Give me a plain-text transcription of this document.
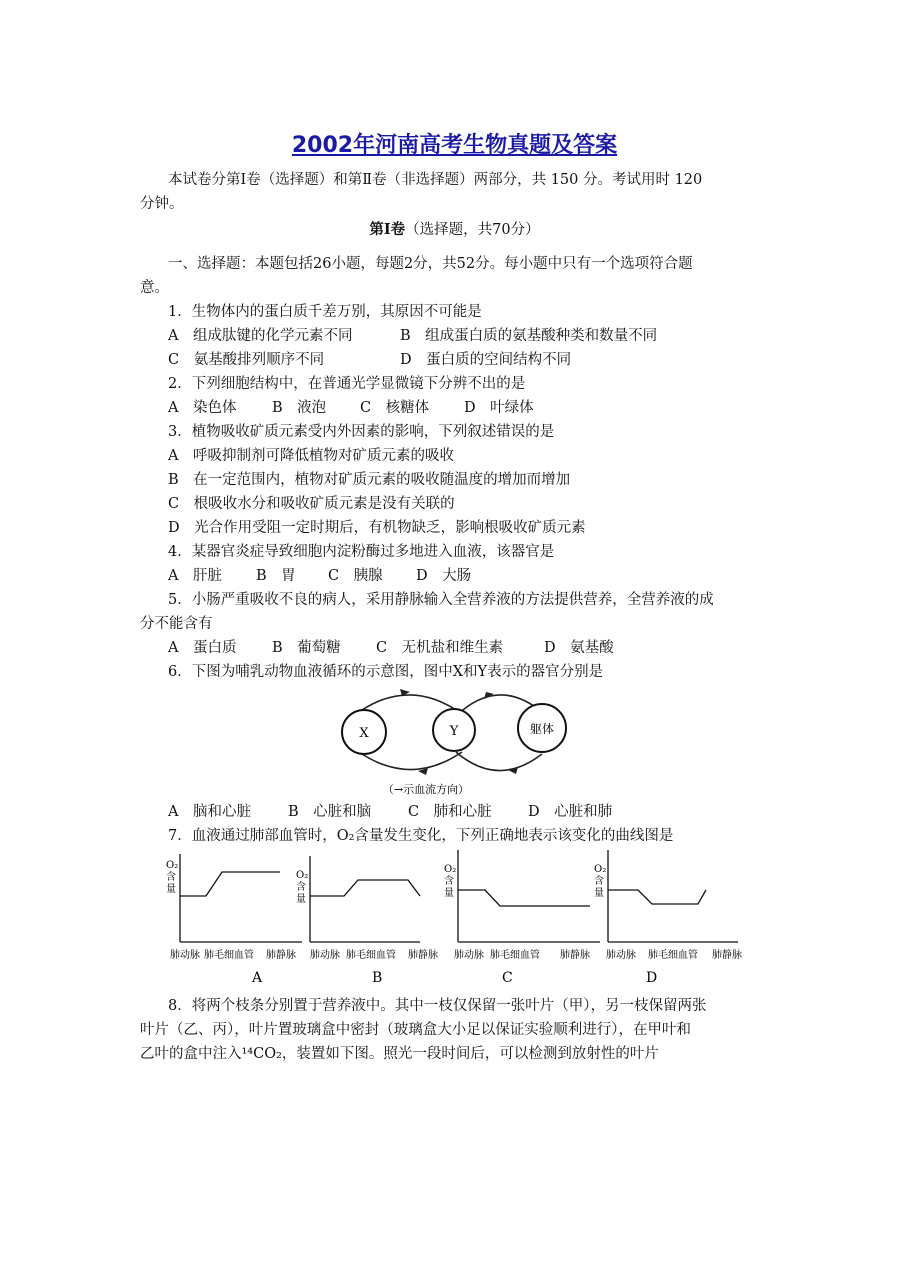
2002年河南高考生物真题及答案
本试卷分第Ⅰ卷（选择题）和第Ⅱ卷（非选择题）两部分，共 150 分。考试用时 120
分钟。
第Ⅰ卷（选择题，共70分）
一、选择题：本题包括26小题，每题2分，共52分。每小题中只有一个选项符合题
意。
1．生物体内的蛋白质千差万别，其原因不可能是
A　组成肽键的化学元素不同	B　组成蛋白质的氨基酸种类和数量不同
C　氨基酸排列顺序不同	D　蛋白质的空间结构不同
2．下列细胞结构中，在普通光学显微镜下分辨不出的是
A　染色体 B　液泡 C　核糖体 D　叶绿体
3．植物吸收矿质元素受内外因素的影响，下列叙述错误的是
A　呼吸抑制剂可降低植物对矿质元素的吸收
B　在一定范围内，植物对矿质元素的吸收随温度的增加而增加
C　根吸收水分和吸收矿质元素是没有关联的
D　光合作用受阻一定时期后，有机物缺乏，影响根吸收矿质元素
4．某器官炎症导致细胞内淀粉酶过多地进入血液，该器官是
A　肝脏 B　胃 C　胰腺 D　大肠
5．小肠严重吸收不良的病人，采用静脉输入全营养液的方法提供营养，全营养液的成
分不能含有
A　蛋白质 B　葡萄糖 C　无机盐和维生素	D　氨基酸
6．下图为哺乳动物血液循环的示意图，图中X和Y表示的器官分别是
X	Y	躯体
（→示血流方向）
A　脑和心脏	B　心脏和脑	C　肺和心脏	D　心脏和肺
7．血液通过肺部血管时，O₂含量发生变化，下列正确地表示该变化的曲线图是
O₂
含
量
O₂
含
量
O₂
含
量
O₂
含
量
肺动脉 肺毛细血管 肺静脉 肺动脉 肺毛细血管 肺静脉 肺动脉 肺毛细血管 肺静脉 肺动脉 肺毛细血管 肺静脉
A	B	C	D
8．将两个枝条分别置于营养液中。其中一枝仅保留一张叶片（甲），另一枝保留两张
叶片（乙、丙），叶片置玻璃盒中密封（玻璃盒大小足以保证实验顺利进行），在甲叶和
乙叶的盒中注入¹⁴CO₂，装置如下图。照光一段时间后，可以检测到放射性的叶片
